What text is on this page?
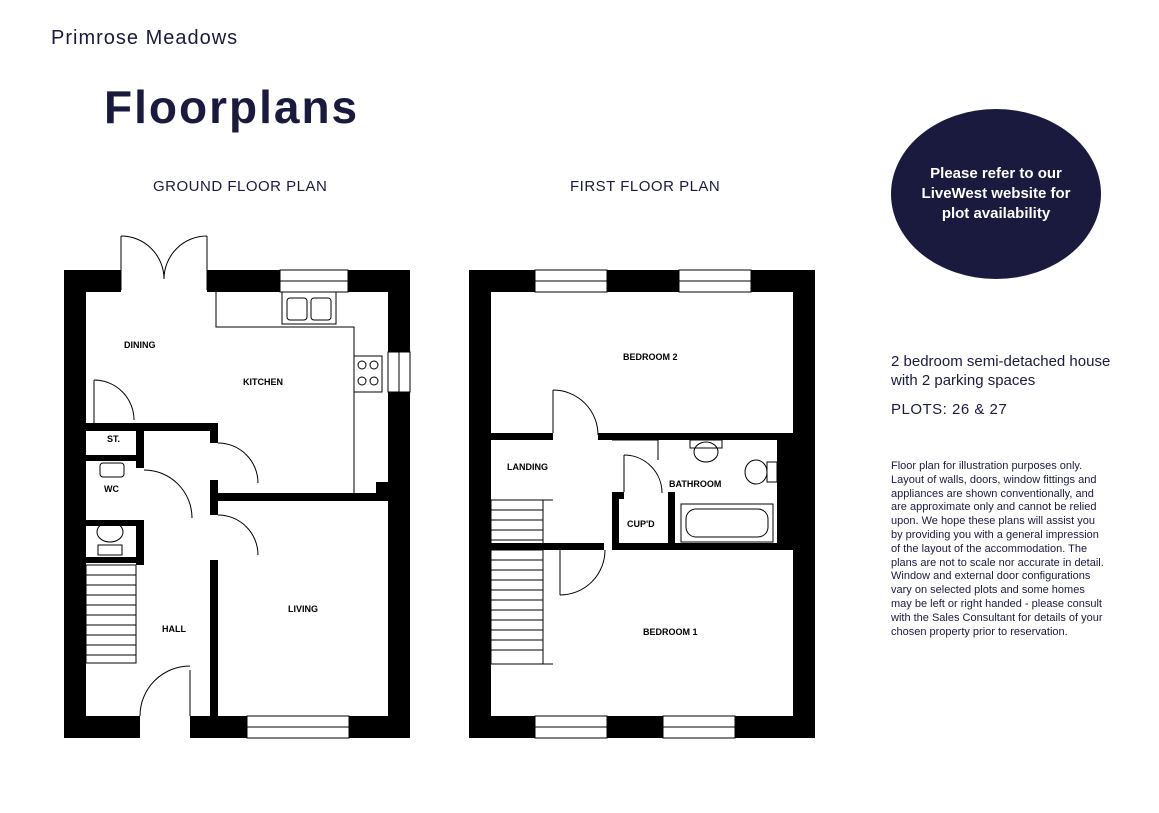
Primrose Meadows
Floorplans
GROUND FLOOR PLAN	FIRST FLOOR PLAN
Please refer to our LiveWest website for plot availability
2 bedroom semi-detached house
with 2 parking spaces
PLOTS: 26 & 27
Floor plan for illustration purposes only. Layout of walls, doors, window fittings and appliances are shown conventionally, and are approximate only and cannot be relied upon. We hope these plans will assist you by providing you with a general impression of the layout of the accommodation. The plans are not to scale nor accurate in detail. Window and external door configurations vary on selected plots and some homes may be left or right handed - please consult with the Sales Consultant for details of your chosen property prior to reservation.
DINING
KITCHEN
ST.
WC
HALL
LIVING
BEDROOM 2
LANDING
BATHROOM
CUP'D
BEDROOM 1
